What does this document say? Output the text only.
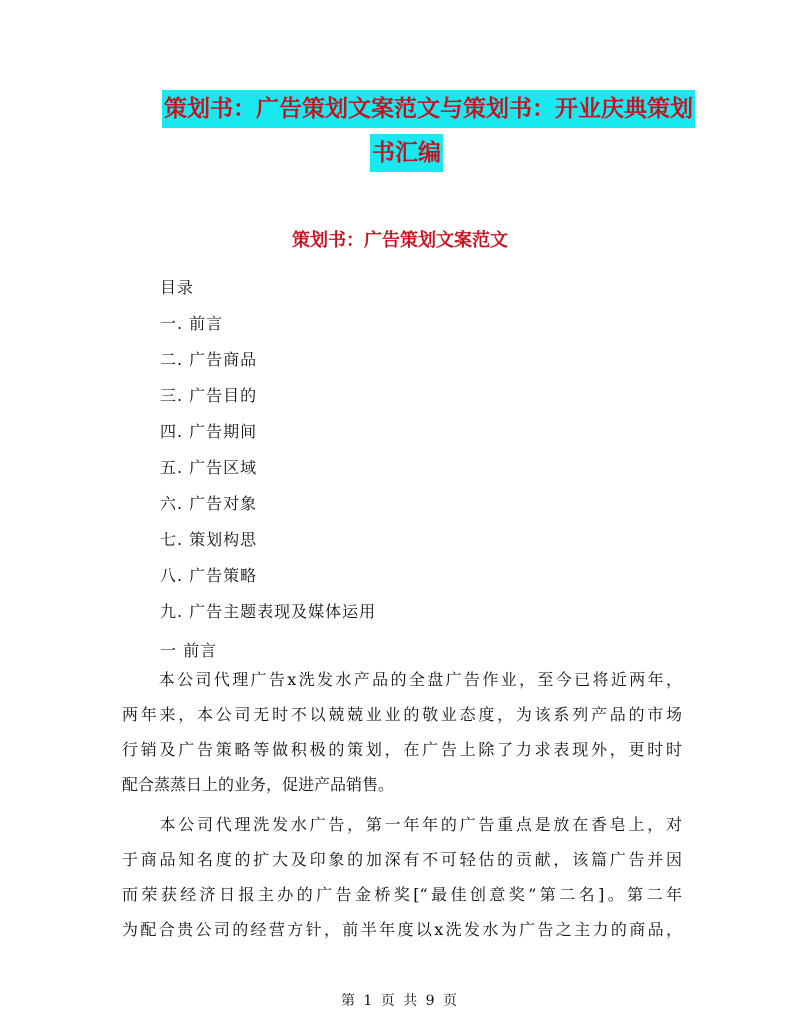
策划书：广告策划文案范文与策划书：开业庆典策划
书汇编
策划书：广告策划文案范文
目录
一. 前言
二. 广告商品
三. 广告目的
四. 广告期间
五. 广告区域
六. 广告对象
七. 策划构思
八. 广告策略
九. 广告主题表现及媒体运用
一 前言
　　本公司代理广告x洗发水产品的全盘广告作业，至今已将近两年，
两年来，本公司无时不以兢兢业业的敬业态度，为该系列产品的市场
行销及广告策略等做积极的策划，在广告上除了力求表现外，更时时
配合蒸蒸日上的业务，促进产品销售。
　　本公司代理洗发水广告，第一年年的广告重点是放在香皂上，对
于商品知名度的扩大及印象的加深有不可轻估的贡献，该篇广告并因
而荣获经济日报主办的广告金桥奖[“最佳创意奖”第二名]。第二年
为配合贵公司的经营方针，前半年度以x洗发水为广告之主力的商品，
第 1 页 共 9 页
